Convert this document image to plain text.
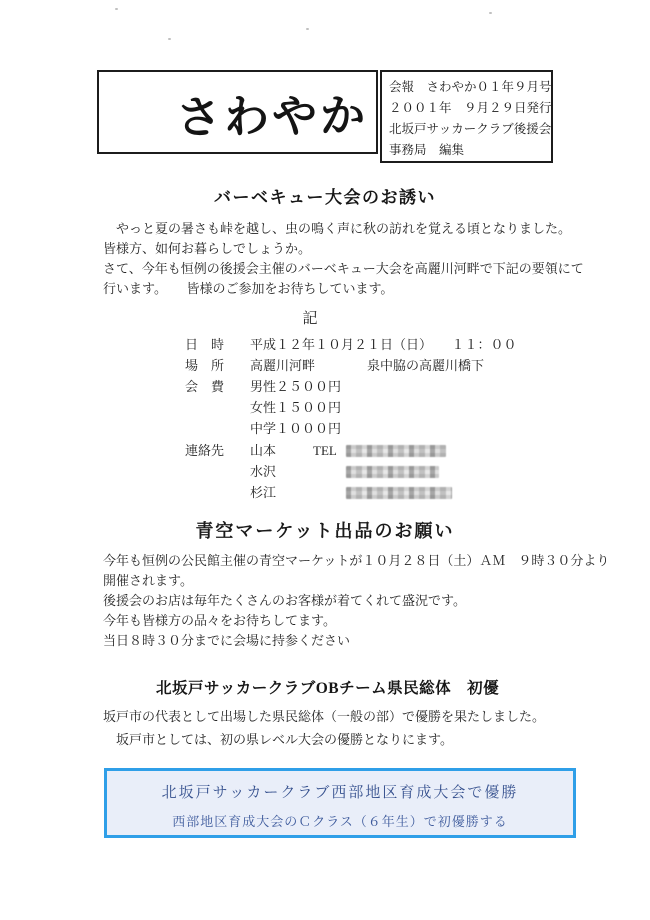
さわやか
会報　さわやか０１年９月号
２００１年　９月２９日発行
北坂戸サッカークラブ後援会
事務局　編集
バーベキュー大会のお誘い
　やっと夏の暑さも峠を越し、虫の鳴く声に秋の訪れを覚える頃となりました。
皆様方、如何お暮らしでしょうか。
さて、今年も恒例の後援会主催のバーベキュー大会を高麗川河畔で下記の要領にて
行います。　　皆様のご参加をお待ちしています。
記
日　時	平成１２年１０月２１日（日）　　１１：００
場　所	高麗川河畔　　　　泉中脇の高麗川橋下
会　費	男性２５００円
女性１５００円
中学１０００円
連絡先	山本	TEL
水沢
杉江
青空マーケット出品のお願い
今年も恒例の公民館主催の青空マーケットが１０月２８日（土）ＡＭ　９時３０分より
開催されます。
後援会のお店は毎年たくさんのお客様が着てくれて盛況です。
今年も皆様方の品々をお待ちしてます。
当日８時３０分までに会場に持参ください
北坂戸サッカークラブOBチーム県民総体　初優
坂戸市の代表として出場した県民総体（一般の部）で優勝を果たしました。
　坂戸市としては、初の県レベル大会の優勝となりにます。
北坂戸サッカークラブ西部地区育成大会で優勝
西部地区育成大会のＣクラス（６年生）で初優勝する
